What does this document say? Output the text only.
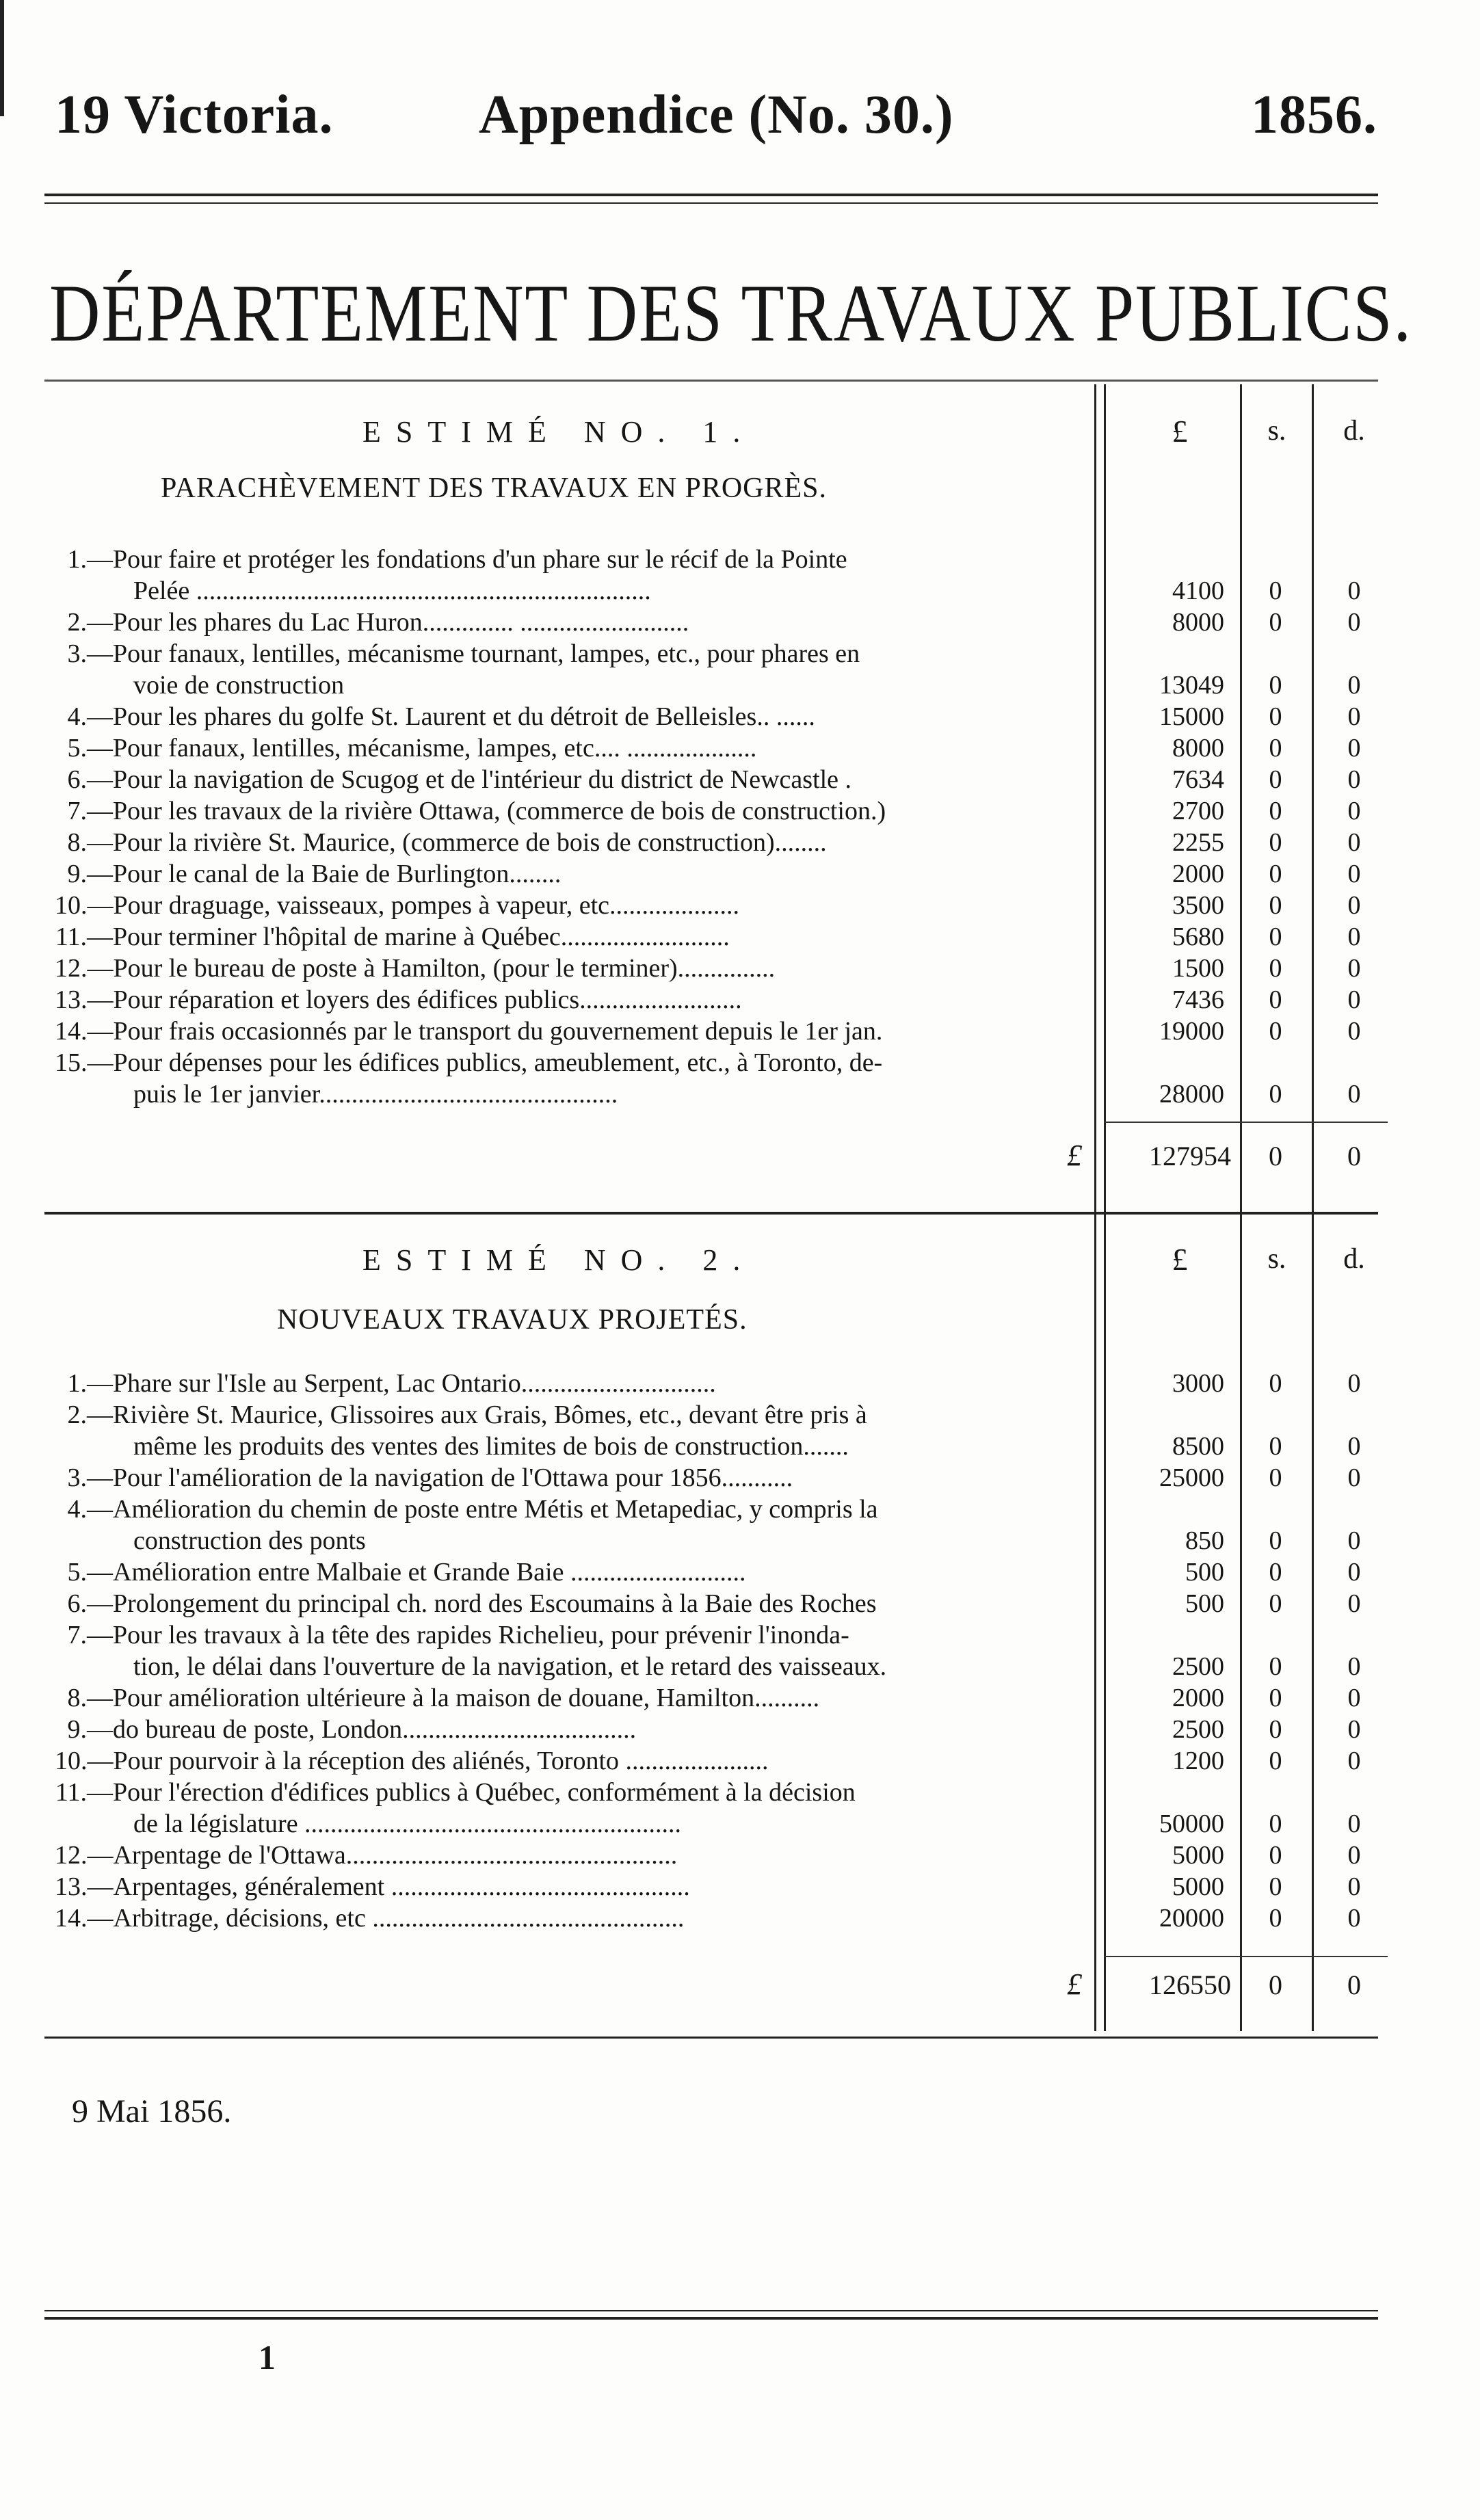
19 Victoria.	Appendice (No. 30.)	1856.
DÉPARTEMENT DES TRAVAUX PUBLICS.
ESTIMÉ NO. 1.	£	s.	d.
PARACHÈVEMENT DES TRAVAUX EN PROGRÈS.
1.—Pour faire et protéger les fondations d'un phare sur le récif de la Pointe
Pelée ......................................................................	4100	0	0
2.—Pour les phares du Lac Huron.............. ..........................	8000	0	0
3.—Pour fanaux, lentilles, mécanisme tournant, lampes, etc., pour phares en
voie de construction	13049	0	0
4.—Pour les phares du golfe St. Laurent et du détroit de Belleisles.. ......	15000	0	0
5.—Pour fanaux, lentilles, mécanisme, lampes, etc.... ....................	8000	0	0
6.—Pour la navigation de Scugog et de l'intérieur du district de Newcastle .	7634	0	0
7.—Pour les travaux de la rivière Ottawa, (commerce de bois de construction.)	2700	0	0
8.—Pour la rivière St. Maurice, (commerce de bois de construction)........	2255	0	0
9.—Pour le canal de la Baie de Burlington........	2000	0	0
10.—Pour draguage, vaisseaux, pompes à vapeur, etc....................	3500	0	0
11.—Pour terminer l'hôpital de marine à Québec..........................	5680	0	0
12.—Pour le bureau de poste à Hamilton, (pour le terminer)...............	1500	0	0
13.—Pour réparation et loyers des édifices publics.........................	7436	0	0
14.—Pour frais occasionnés par le transport du gouvernement depuis le 1er jan.	19000	0	0
15.—Pour dépenses pour les édifices publics, ameublement, etc., à Toronto, de-
puis le 1er janvier..............................................	28000	0	0
£	127954	0	0
ESTIMÉ NO. 2.	£	s.	d.
NOUVEAUX TRAVAUX PROJETÉS.
1.—Phare sur l'Isle au Serpent, Lac Ontario..............................	3000	0	0
2.—Rivière St. Maurice, Glissoires aux Grais, Bômes, etc., devant être pris à
même les produits des ventes des limites de bois de construction.......	8500	0	0
3.—Pour l'amélioration de la navigation de l'Ottawa pour 1856...........	25000	0	0
4.—Amélioration du chemin de poste entre Métis et Metapediac, y compris la
construction des ponts	850	0	0
5.—Amélioration entre Malbaie et Grande Baie ...........................	500	0	0
6.—Prolongement du principal ch. nord des Escoumains à la Baie des Roches	500	0	0
7.—Pour les travaux à la tête des rapides Richelieu, pour prévenir l'inonda-
tion, le délai dans l'ouverture de la navigation, et le retard des vaisseaux.	2500	0	0
8.—Pour amélioration ultérieure à la maison de douane, Hamilton..........	2000	0	0
9.—do bureau de poste, London....................................	2500	0	0
10.—Pour pourvoir à la réception des aliénés, Toronto ......................	1200	0	0
11.—Pour l'érection d'édifices publics à Québec, conformément à la décision
de la législature ..........................................................	50000	0	0
12.—Arpentage de l'Ottawa...................................................	5000	0	0
13.—Arpentages, généralement ..............................................	5000	0	0
14.—Arbitrage, décisions, etc ................................................	20000	0	0
£	126550	0	0
9 Mai 1856.
1
